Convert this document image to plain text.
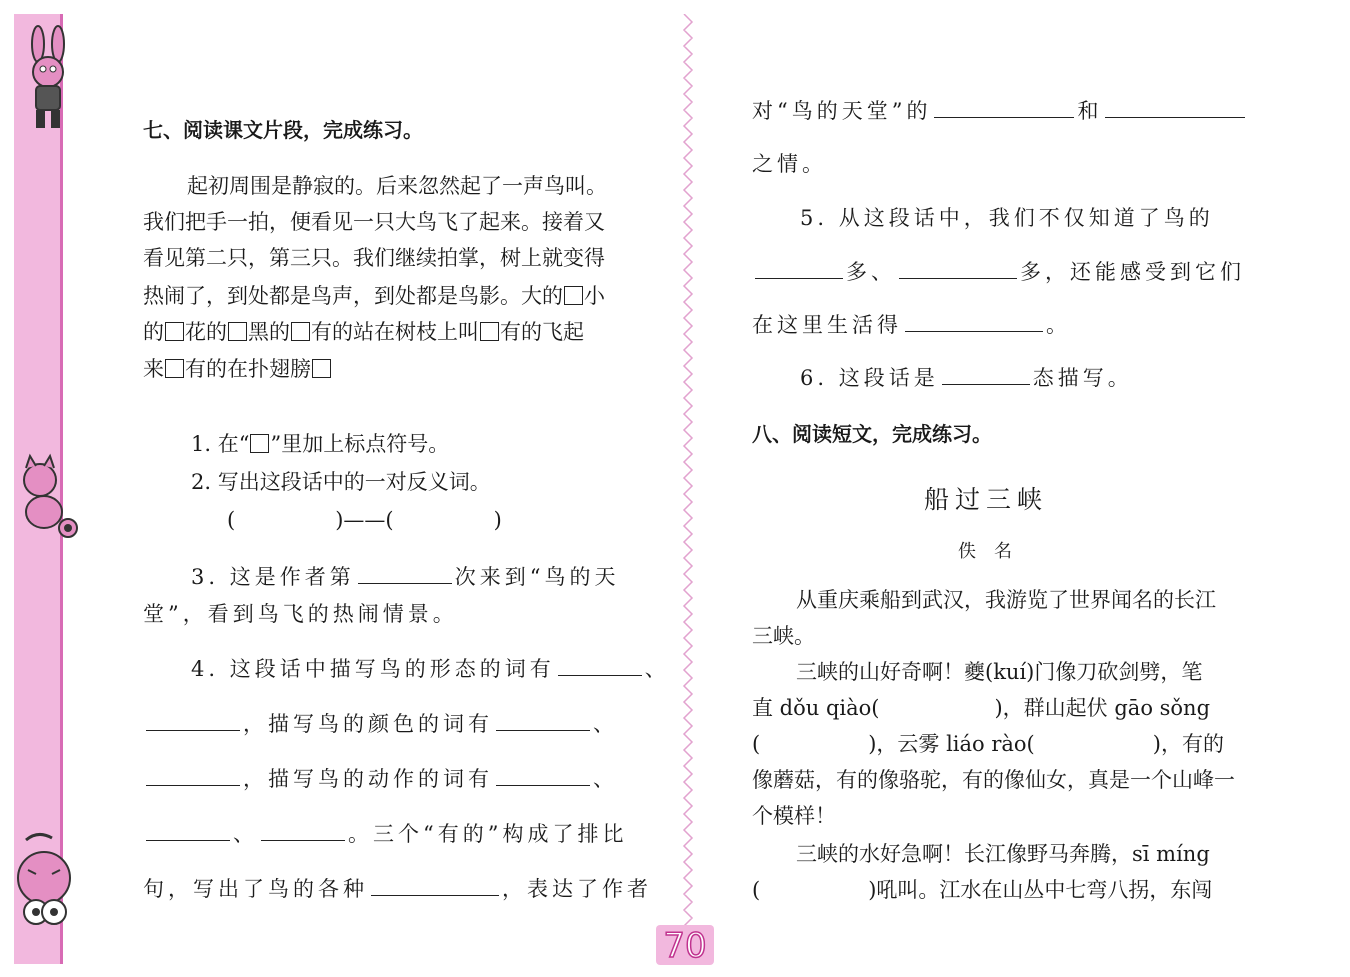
七、阅读课文片段，完成练习。
起初周围是静寂的。后来忽然起了一声鸟叫。
我们把手一拍，便看见一只大鸟飞了起来。接着又
看见第二只，第三只。我们继续拍掌，树上就变得
热闹了，到处都是鸟声，到处都是鸟影。大的 小
的 花的 黑的 有的站在树枝上叫 有的飞起
来 有的在扑翅膀
1. 在“ ”里加上标点符号。
2. 写出这段话中的一对反义词。
(	)——(	)
3. 这是作者第	次来到“鸟的天
堂”，看到鸟飞的热闹情景。
4. 这段话中描写鸟的形态的词有	、
，描写鸟的颜色的词有	、
，描写鸟的动作的词有	、
、	。三个“有的”构成了排比
句，写出了鸟的各种	，表达了作者
对“鸟的天堂”的	和
之情。
5. 从这段话中，我们不仅知道了鸟的
多、	多，还能感受到它们
在这里生活得	。
6. 这段话是	态描写。
八、阅读短文，完成练习。
船过三峡
佚名
从重庆乘船到武汉，我游览了世界闻名的长江
三峡。
三峡的山好奇啊！夔(kuí)门像刀砍剑劈，笔
直 dǒu qiào(	)，群山起伏 gāo sǒng
(	)，云雾 liáo rào(	)，有的
像蘑菇，有的像骆驼，有的像仙女，真是一个山峰一
个模样！
三峡的水好急啊！长江像野马奔腾，sī míng
(	)吼叫。江水在山丛中七弯八拐，东闯
70
